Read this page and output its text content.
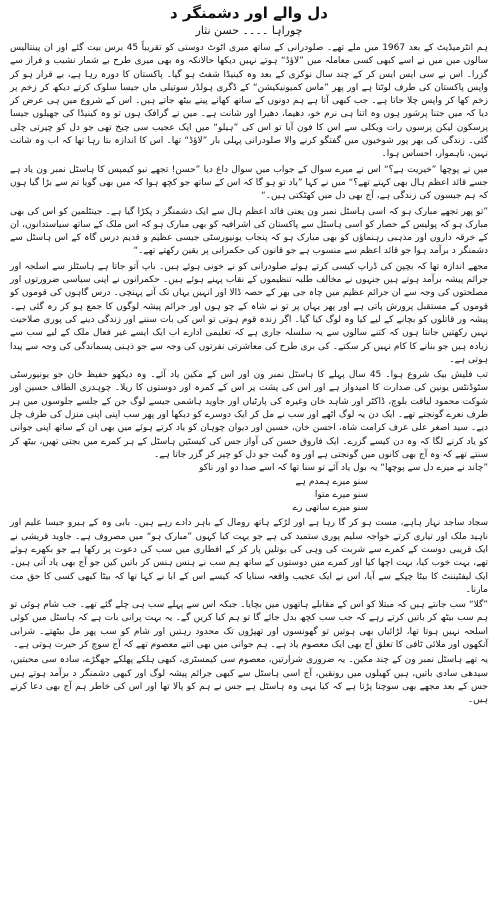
دل والے اور دشمنگر د
چوراہا ۔۔۔۔ حسن نثار

ہم انٹرمیڈیٹ کے بعد 1967 میں ملے تھے۔ صلودرانی کے ساتھ میری اٹوٹ دوستی کو تقریباً 45 برس بیت گئے اور ان پینتالیس سالوں میں میں نے اسے کبھی کسی معاملہ میں ”لاؤڈ“ ہوتے نہیں دیکھا حالانکہ وہ بھی میری طرح بے شمار نشیب و فراز سے گزرا۔ اس نے سی ایس ایس کر کے چند سال نوکری کے بعد وہ کینیڈا شفٹ ہو گیا۔ پاکستان کا دورہ رہا ہے، بے قرار ہو کر واپس پاکستان کی طرف لوٹتا ہے اور پھر ”ماس کمیونیکیشن“ کے ڈگری ہولڈر سوتیلی ماں جیسا سلوک کرتے دیکھ کر زخم پر زخم کھا کر واپس چلا جاتا ہے۔ جب کبھی آتا ہے ہم دونوں کے ساتھ کھانے پینے بیٹھ جاتے ہیں۔ اس کے شروع میں ہی عرض کر دیا کہ میں جتنا پرشور ہوں وہ اتنا ہی نرم خو، دھیما، دھیرا اور شانت ہے۔ میں نے گرافک ہوں تو وہ کینیڈا کی جھیلوں جیسا پرسکون لیکن پرسوں رات ویکلی سے اس کا فون آیا تو اس کی ”ہیلو“ میں ایک عجیب سی چیخ تھی جو دل کو چیرتی چلی گئی۔ زندگی کی بھر پور شوخیوں میں گفتگو کرنے والا صلودرانی پہلی بار ”لاؤڈ“ تھا۔ اس کا اندازہ بتا رہا تھا کہ اب وہ شانت نہیں، ناہموار، احساس ہوا۔

میں نے پوچھا ”خیریت ہے؟“ اس نے میرے سوال کے جواب میں سوال داغ دیا ”حسن! تجھے نیو کیمپس کا ہاسٹل نمبر ون یاد ہے جسے قائد اعظم ہال بھی کہتے تھے؟“ میں نے کہا ”یاد تو ہو گا کہ اس کے ساتھ جو کچھ ہوا کہ میں بھی گویا تم سے بڑا گیا ہوں کہ ہم جیسوں کی زندگی ہے، آج بھی دل میں کھٹکتی ہیں۔“

”تو پھر تجھے مبارک ہو کہ اسی ہاسٹل نمبر ون یعنی قائد اعظم ہال سے ایک دشمنگر د پکڑا گیا ہے۔ جینٹلمین کو اس کی بھی مبارک ہو کہ پولیس کے حصار کو اسی ہاسٹل سے پاکستان کی اشرافیہ کو بھی مبارک ہو کہ اس ملک کے ساتھ سیاستدانوں، ان کے خرقہ داروں اور مذہبی رہنماؤں کو بھی مبارک ہو کہ پنجاب یونیورسٹی جیسی عظیم و قدیم درس گاہ کے اس ہاسٹل سے دشمنگر د برآمد ہوا جو قائد اعظم سے منسوب ہے جو قانون کی حکمرانی پر یقین رکھتے تھے۔“

مجھے اندازہ تھا کہ بچپن کی ڈراپ کیسی کرتے ہوئے صلودرانی کو نے خونی ہوئے ہیں۔ باپ آتو جاتا ہے ہاسٹلز سے اسلحہ اور جرائم پیشہ برآمد ہوتے ہیں جنہوں نے مخالف طلبہ تنظیموں کے نقاب پہنے ہوئے ہیں۔ حکمرانوں نے اپنی سیاسی ضرورتوں اور مصلحتوں کی وجہ سے ان جرائم عظیم میں چاہ جی بھر کے حصہ ڈالا اور انہیں یہاں تک آتے پہنچی۔ درس گاہوں کی قوموں کو قوموں کے مستقبل پرورش پاتی ہے اور پھر یہاں پر تو نے شاہ کے چو ہوں اور جرائم پیشہ لوگوں کا جمع ہو کر رہ گئی ہے۔ پیشہ ور قاتلوں کو بچانے کے لیے کیا وہ لوگ کیا گیا۔ اگر زندہ قوم ہوتی تو اس کی بات سننے اور زندگی دینے کی پوری صلاحیت نہیں رکھتیں جانتا ہوں کہ کتنے سالوں سے یہ سلسلہ جاری ہے کہ تعلیمی ادارے اب ایک ایسے غیر فعال ملک کے لیے سب سے زیادہ ہیں جو بنانے کا کام نہیں کر سکتے۔ کی بری طرح کی معاشرتی نفرتوں کی وجہ سے جو ذہنی پسماندگی کی وجہ سے پیدا ہوتی ہے۔

تب فلیش بیک شروع ہوا۔ 45 سال پہلے کا ہاسٹل نمبر ون اور اس کے مکین یاد آئے۔ وہ دیکھو حفیظ خان جو یونیورسٹی سٹوڈنٹس یونین کی صدارت کا امیدوار ہے اور اس کی پشت پر اس کے کمرہ اور دوستوں کا ریلا۔ چوہدری الطاف حسین اور شوکت محمود لیاقت بلوچ، ڈاکٹر اور شاہد خان وغیرہ کی پارٹیاں اور جاوید ہاشمی جیسے لوگ جن کے جلسے جلوسوں میں ہر طرف نعرے گونجتے تھے۔ ایک دن یہ لوگ اٹھے اور سب نے مل کر ایک دوسرے کو دیکھا اور پھر سب اپنی اپنی منزل کی طرف چل دیے۔ سید اصغر علی عرف کرامت شاہ، احسن خان، حسین اور دیوان چوہان کو یاد کرتے ہوئے میں بھی ان کے ساتھ اپنی جوانی کو یاد کرنے لگا کہ وہ دن کیسے گزرے۔ ایک فاروق حسن کی آواز جس کی کیسٹیں ہاسٹل کے ہر کمرے میں بجتی تھیں، بیٹھ کر سنتے تھے کہ وہ آج بھی کانوں میں گونجتی ہے اور وہ گیت جو دل کو چیر کر گزر جاتا ہے۔

”چاند نے میرے دل سے پوچھا“ یہ بول یاد آئے تو سنا تھا کہ اسے صدا دو اور ناکو

سنو میرے ہمدم ہے

سنو میرے متوا

سنو میرے ساتھی رے

سجاد ساجد نہار ہاہے، مست ہو کر گا رہا ہے اور لڑکے ہاتھ رومال کے باہر دادے رہے ہیں۔ بابی وہ کے ہیرو جیسا علیم اور ناہید ملک اور تیاری کرتے خواجہ سلیم پوری ستمید کی ہے جو بہت کیا کہوں ”مبارک ہو“ میں مصروف ہے۔ جاوید قریشی نے ایک قریبی دوست کے کمرے سے شربت کی وہی کی بوتلیں پار کر کے افطاری میں سب کی دعوت پر رکھا ہے جو بکھرے ہوئے تھے، بہت خوب کیا، بہت اچھا کیا اور کمرے میں دوستوں کے ساتھ ہم سب نے ہنس ہنس کر باتیں کیں جو آج بھی یاد آتی ہیں۔ ایک لیفٹیننٹ کا بیٹا چپکے سے آیا، اس نے ایک عجیب واقعہ سنایا کہ کیسے اس کے ابا نے کہا تھا کہ بیٹا کبھی کسی کا حق مت مارنا۔

”گلا“ سب جانتے ہیں کہ مبتلا کو اس کے مقابلے ہاتھوں میں بچایا۔ جبکہ اس سے پہلے سب ہی چلے گئے تھے۔ جب شام ہوئی تو ہم سب بیٹھ کر باتیں کرتے رہے کہ جب سب کچھ بدل جائے گا تو ہم کیا کریں گے۔ یہ بہت پرانی بات ہے کہ ہاسٹل میں کوئی اسلحہ نہیں ہوتا تھا، لڑائیاں بھی ہوتیں تو گھونسوں اور تھپڑوں تک محدود رہتیں اور شام کو سب پھر مل بیٹھتے۔ شرابی آنکھوں اور ملائی ٹافی کا تعلق آج بھی ایک معصوم یاد ہے۔ ہم جوانی میں بھی اتنے معصوم تھے کہ آج سوچ کر حیرت ہوتی ہے۔

یہ تھے ہاسٹل نمبر ون کے چند مکین۔ یہ ضروری شرارتیں، معصوم سی کیمسٹری، کبھی ہلکے پھلکے جھگڑے، سادہ سی محبتیں، سیدھی سادی باتیں، ہیں کھیلوں میں رونقیں، آج اسی ہاسٹل سے کبھی جرائم پیشہ لوگ اور کبھی دشمنگر د برآمد ہوتے ہیں جس کے بعد مجھے بھی سوچنا پڑتا ہے کہ کیا یہی وہ ہاسٹل ہے جس نے ہم کو پالا تھا اور اس کی خاطر ہم آج بھی دعا کرتے ہیں۔
